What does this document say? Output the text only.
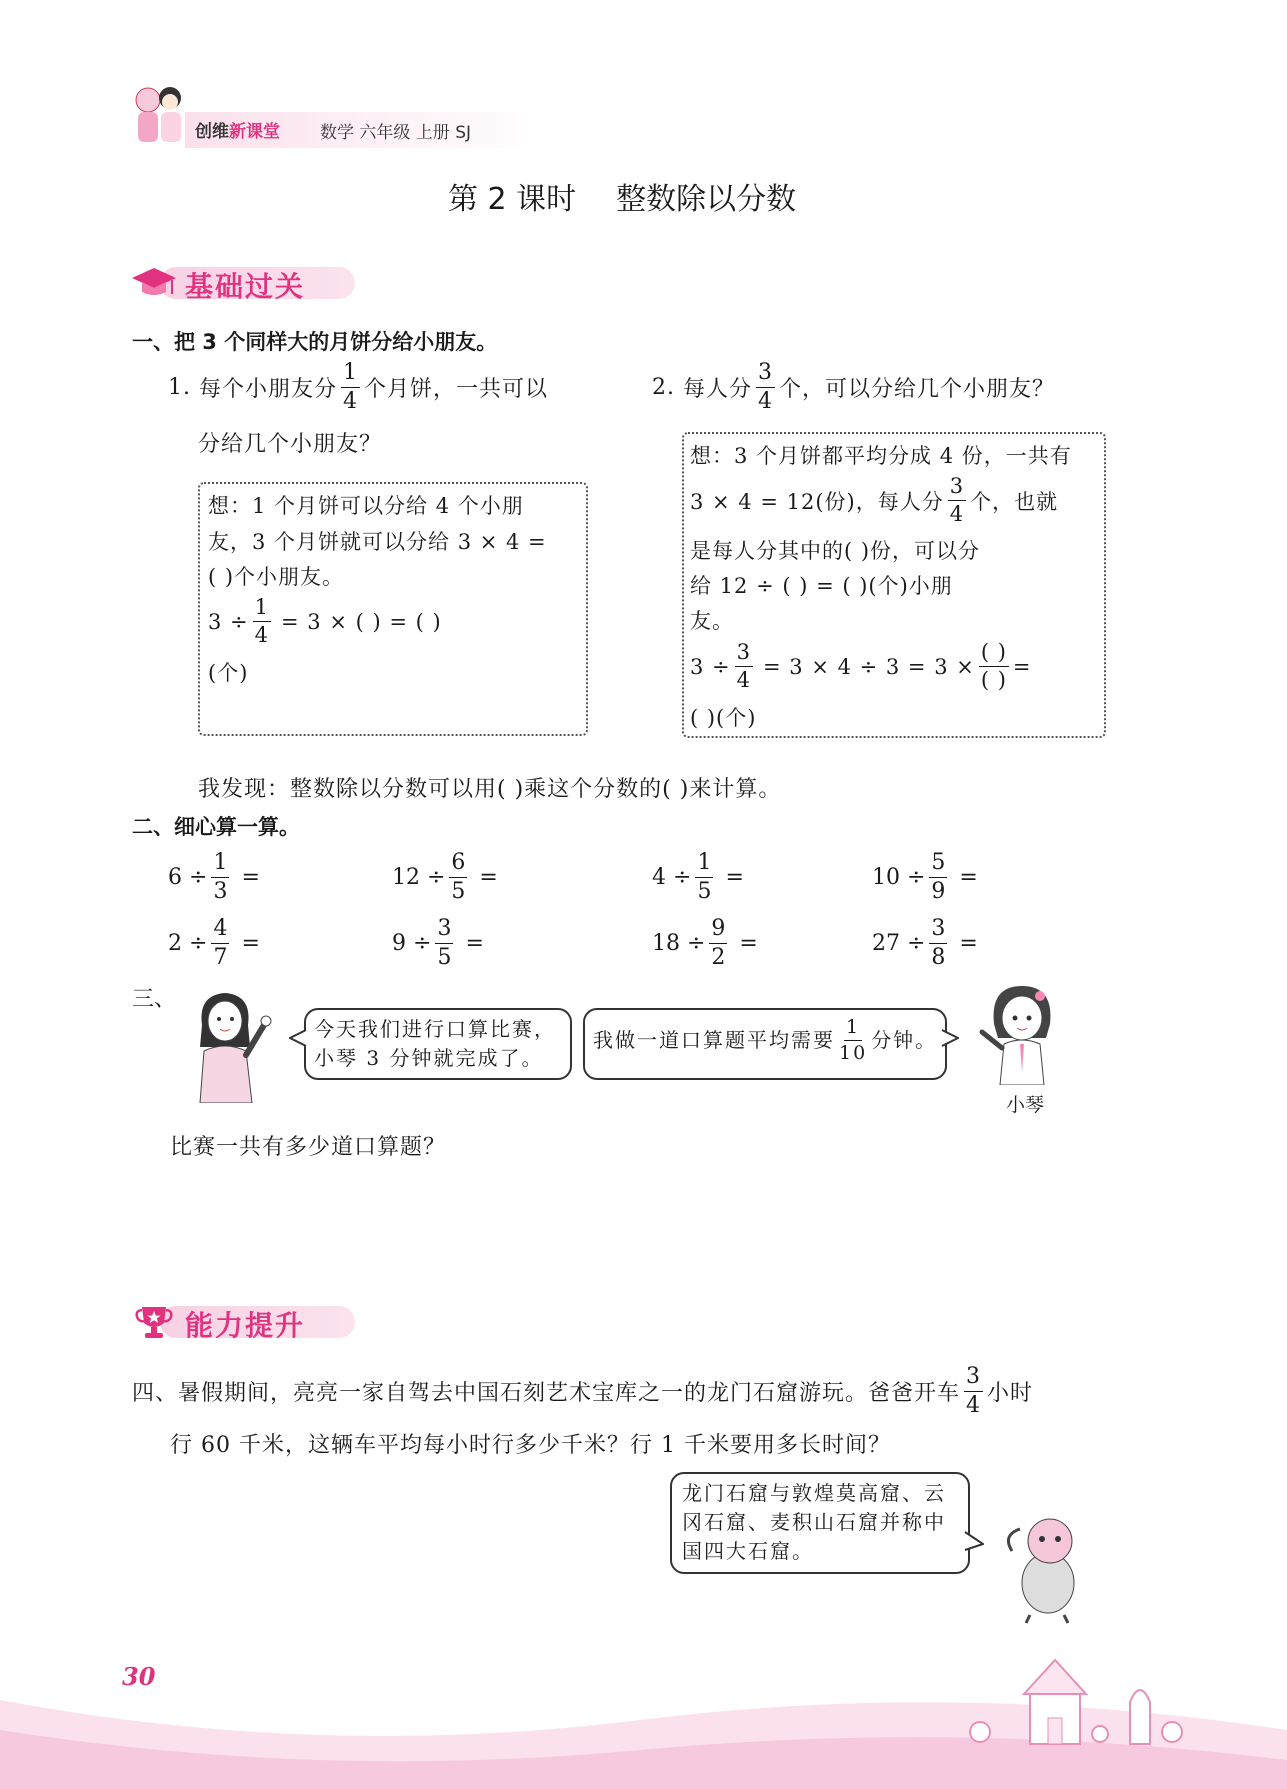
创维新课堂 数学 六年级 上册 SJ
第 2 课时 整数除以分数
基础过关
一、把 3 个同样大的月饼分给小朋友。
1. 每个小朋友分 $\frac{1}{4}$ 个月饼，一共可以
分给几个小朋友？
想：1 个月饼可以分给 4 个小朋
友，3 个月饼就可以分给 3 × 4 =
( )个小朋友。
$3 \div \frac{1}{4} = 3$ × ( ) = ( )
(个)
2. 每人分 $\frac{3}{4}$ 个，可以分给几个小朋友？
想：3 个月饼都平均分成 4 份，一共有
3 × 4 = 12(份)，每人分 $\frac{3}{4}$ 个，也就
是每人分其中的( )份，可以分
给 12 ÷ ( ) = ( )(个)小朋
友。
$3 \div \frac{3}{4} = 3 \times 4 \div 3 = 3 \times \frac{( )}{( )}$ =
( )(个)
我发现：整数除以分数可以用( )乘这个分数的( )来计算。
二、细心算一算。
$6 \div \frac{1}{3}$ =	$12 \div \frac{6}{5}$ =	$4 \div \frac{1}{5}$ =	$10 \div \frac{5}{9}$ =
$2 \div \frac{4}{7}$ =	$9 \div \frac{3}{5}$ =	$18 \div \frac{9}{2}$ =	$27 \div \frac{3}{8}$ =
三、
今天我们进行口算比赛，
小琴 3 分钟就完成了。
我做一道口算题平均需要 $\frac{1}{10}$ 分钟。
小琴
比赛一共有多少道口算题？
能力提升
四、暑假期间，亮亮一家自驾去中国石刻艺术宝库之一的龙门石窟游玩。爸爸开车 $\frac{3}{4}$ 小时
行 60 千米，这辆车平均每小时行多少千米？行 1 千米要用多长时间？
龙门石窟与敦煌莫高窟、云
冈石窟、麦积山石窟并称中
国四大石窟。
30
